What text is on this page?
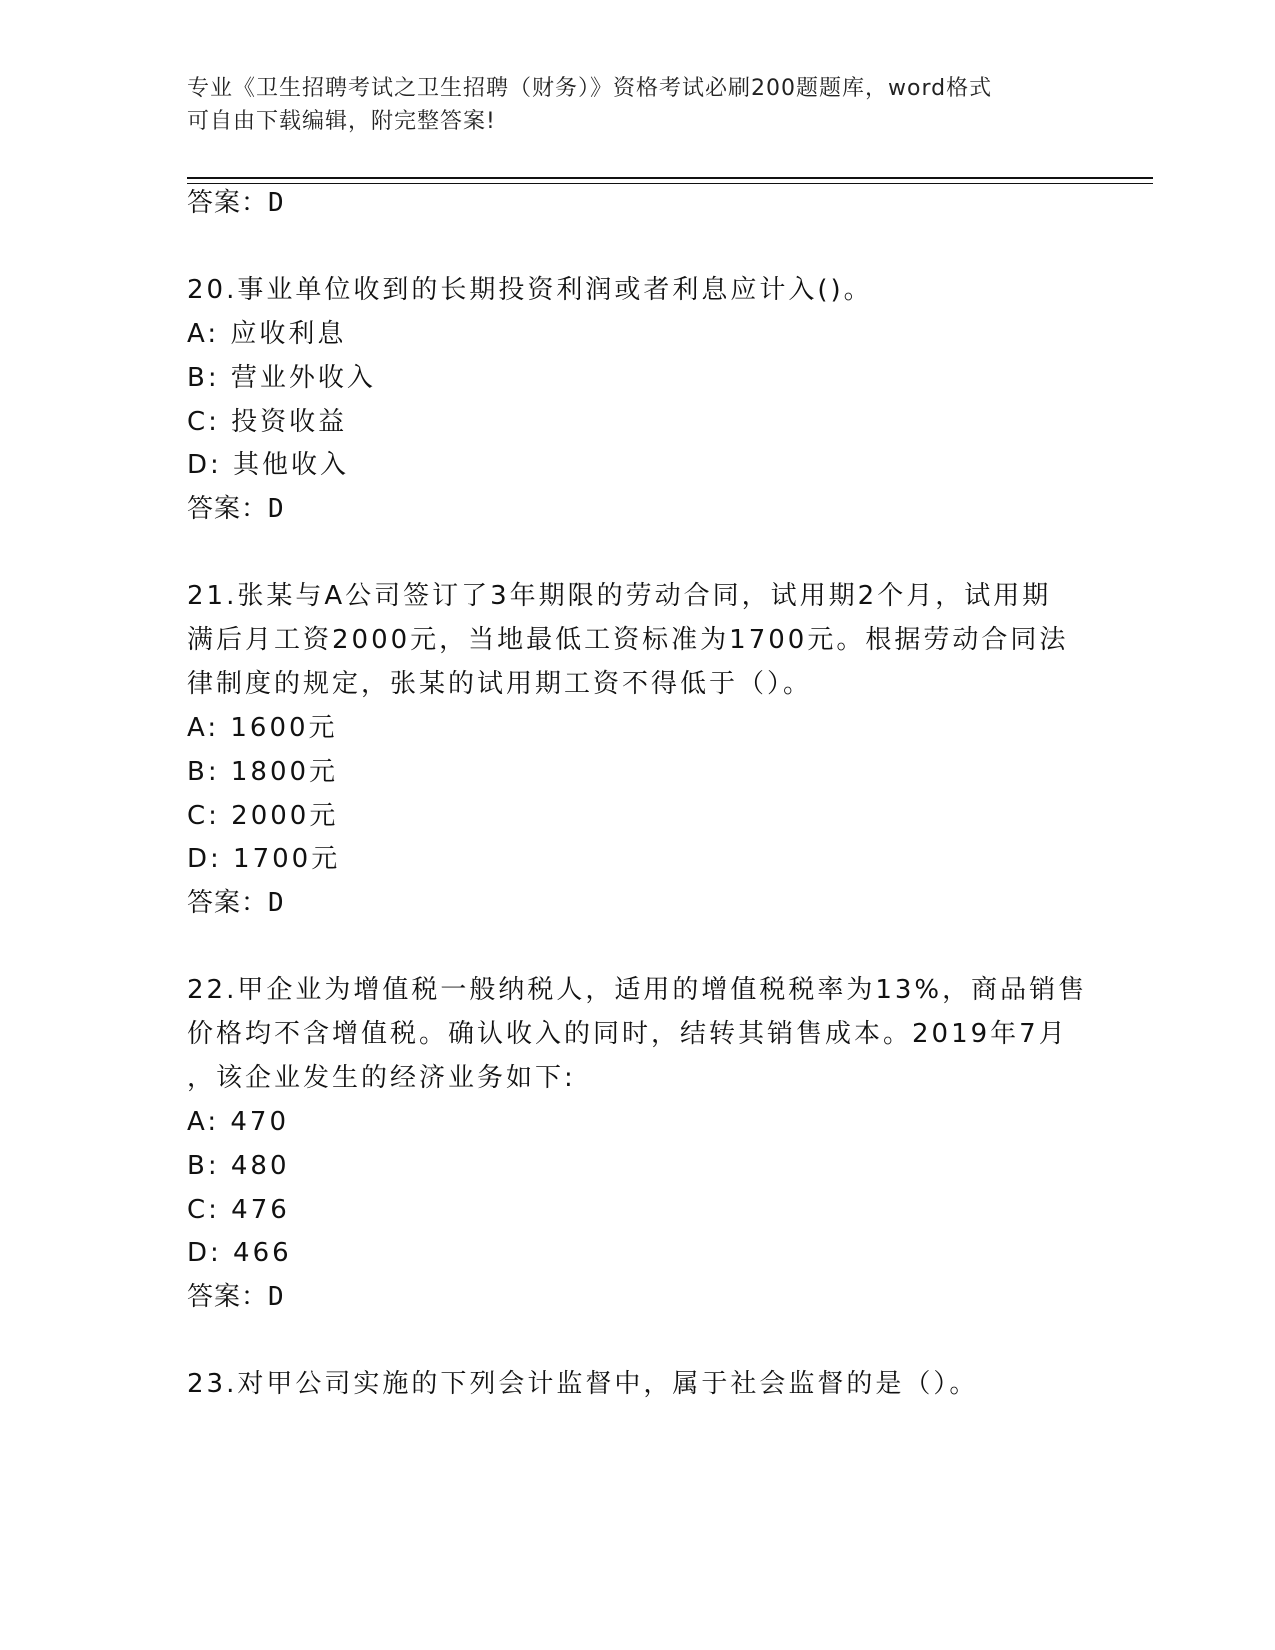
专业《卫生招聘考试之卫生招聘（财务）》资格考试必刷200题题库，word格式
可自由下载编辑，附完整答案!
答案：D
20.事业单位收到的长期投资利润或者利息应计入()。
A: 应收利息
B: 营业外收入
C: 投资收益
D: 其他收入
答案：D
21.张某与A公司签订了3年期限的劳动合同，试用期2个月，试用期
满后月工资2000元，当地最低工资标准为1700元。根据劳动合同法
律制度的规定，张某的试用期工资不得低于（）。
A: 1600元
B: 1800元
C: 2000元
D: 1700元
答案：D
22.甲企业为增值税一般纳税人，适用的增值税税率为13%，商品销售
价格均不含增值税。确认收入的同时，结转其销售成本。2019年7月
，该企业发生的经济业务如下:
A: 470
B: 480
C: 476
D: 466
答案：D
23.对甲公司实施的下列会计监督中，属于社会监督的是（）。
